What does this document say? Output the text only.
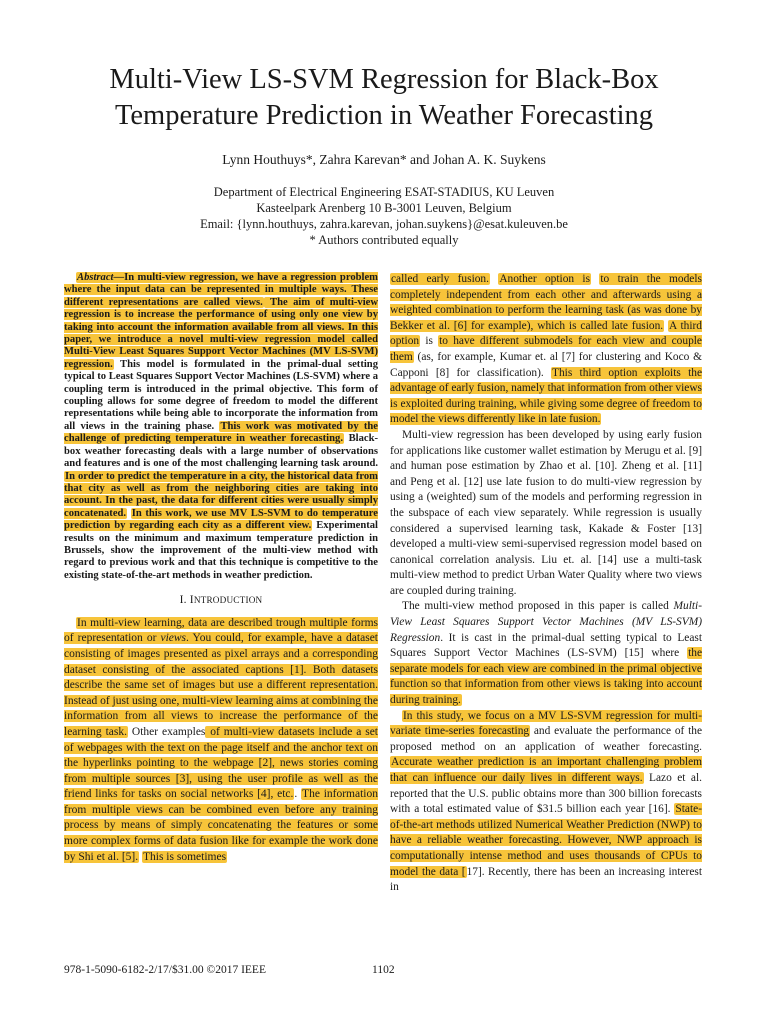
Multi-View LS-SVM Regression for Black-Box
Temperature Prediction in Weather Forecasting
Lynn Houthuys*, Zahra Karevan* and Johan A. K. Suykens
Department of Electrical Engineering ESAT-STADIUS, KU Leuven
Kasteelpark Arenberg 10 B-3001 Leuven, Belgium
Email: {lynn.houthuys, zahra.karevan, johan.suykens}@esat.kuleuven.be
* Authors contributed equally

Abstract—In multi-view regression, we have a regression problem where the input data can be represented in multiple ways. These different representations are called views. The aim of multi-view regression is to increase the performance of using only one view by taking into account the information available from all views. In this paper, we introduce a novel multi-view regression model called Multi-View Least Squares Support Vector Machines (MV LS-SVM) regression. This model is formulated in the primal-dual setting typical to Least Squares Support Vector Machines (LS-SVM) where a coupling term is introduced in the primal objective. This form of coupling allows for some degree of freedom to model the different representations while being able to incorporate the information from all views in the training phase. This work was motivated by the challenge of predicting temperature in weather forecasting. Black-box weather forecasting deals with a large number of observations and features and is one of the most challenging learning task around. In order to predict the temperature in a city, the historical data from that city as well as from the neighboring cities are taking into account. In the past, the data for different cities were usually simply concatenated. In this work, we use MV LS-SVM to do temperature prediction by regarding each city as a different view. Experimental results on the minimum and maximum temperature prediction in Brussels, show the improvement of the multi-view method with regard to previous work and that this technique is competitive to the existing state-of-the-art methods in weather prediction.

I. INTRODUCTION

In multi-view learning, data are described trough multiple forms of representation or views. You could, for example, have a dataset consisting of images presented as pixel arrays and a corresponding dataset consisting of the associated captions [1]. Both datasets describe the same set of images but use a different representation. Instead of just using one, multi-view learning aims at combining the information from all views to increase the performance of the learning task. Other examples of multi-view datasets include a set of webpages with the text on the page itself and the anchor text on the hyperlinks pointing to the webpage [2], news stories coming from multiple sources [3], using the user profile as well as the friend links for tasks on social networks [4], etc.. The information from multiple views can be combined even before any training process by means of simply concatenating the features or some more complex forms of data fusion like for example the work done by Shi et al. [5]. This is sometimes

called early fusion. Another option is to train the models completely independent from each other and afterwards using a weighted combination to perform the learning task (as was done by Bekker et al. [6] for example), which is called late fusion. A third option is to have different submodels for each view and couple them (as, for example, Kumar et. al [7] for clustering and Koco & Capponi [8] for classification). This third option exploits the advantage of early fusion, namely that information from other views is exploited during training, while giving some degree of freedom to model the views differently like in late fusion.

Multi-view regression has been developed by using early fusion for applications like customer wallet estimation by Merugu et al. [9] and human pose estimation by Zhao et al. [10]. Zheng et al. [11] and Peng et al. [12] use late fusion to do multi-view regression by using a (weighted) sum of the models and performing regression in the subspace of each view separately. While regression is usually considered a supervised learning task, Kakade & Foster [13] developed a multi-view semi-supervised regression model based on canonical correlation analysis. Liu et. al. [14] use a multi-task multi-view method to predict Urban Water Quality where two views are coupled during training.

The multi-view method proposed in this paper is called Multi-View Least Squares Support Vector Machines (MV LS-SVM) Regression. It is cast in the primal-dual setting typical to Least Squares Support Vector Machines (LS-SVM) [15] where the separate models for each view are combined in the primal objective function so that information from other views is taking into account during training.

In this study, we focus on a MV LS-SVM regression for multi-variate time-series forecasting and evaluate the performance of the proposed method on an application of weather forecasting. Accurate weather prediction is an important challenging problem that can influence our daily lives in different ways. Lazo et al. reported that the U.S. public obtains more than 300 billion forecasts with a total estimated value of $31.5 billion each year [16]. State-of-the-art methods utilized Numerical Weather Prediction (NWP) to have a reliable weather forecasting. However, NWP approach is computationally intense method and uses thousands of CPUs to model the data [17]. Recently, there has been an increasing interest in

978-1-5090-6182-2/17/$31.00 ©2017 IEEE	1102
